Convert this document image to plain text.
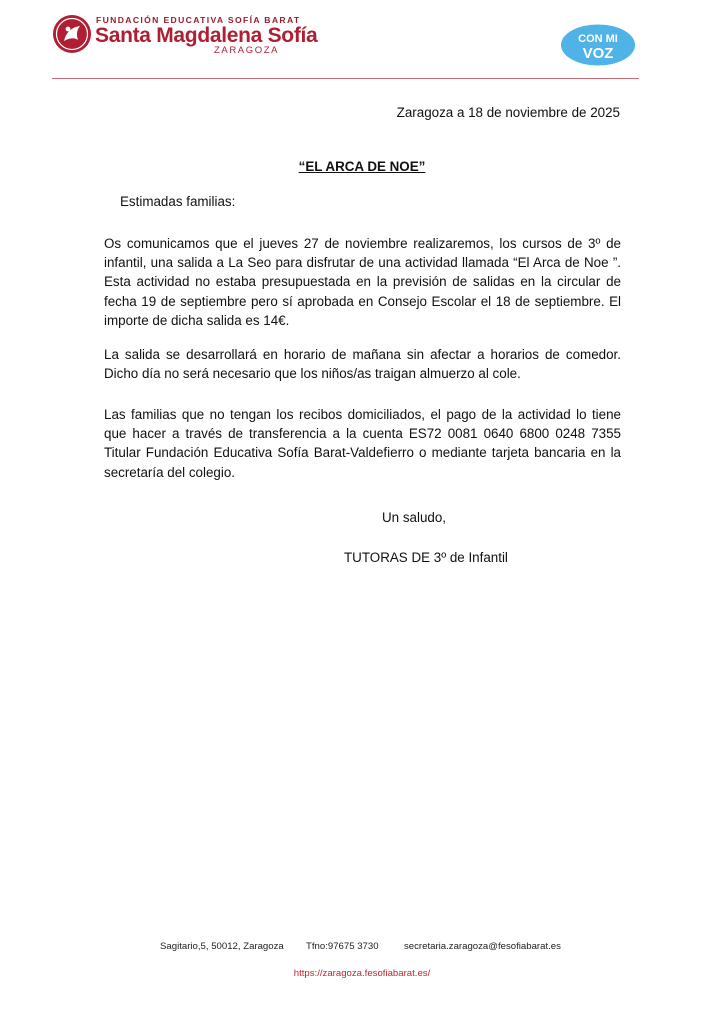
FUNDACIÓN EDUCATIVA SOFÍA BARAT
Santa Magdalena Sofía
ZARAGOZA
CON MI
VOZ
Zaragoza a 18 de noviembre de 2025
“EL ARCA DE NOE”
Estimadas familias:
Os comunicamos que el jueves 27 de noviembre realizaremos, los cursos de 3º de infantil, una salida a La Seo para disfrutar de una actividad llamada “El Arca de Noe ”. Esta actividad no estaba presupuestada en la previsión de salidas en la circular de fecha 19 de septiembre pero sí aprobada en Consejo Escolar el 18 de septiembre. El importe de dicha salida es 14€.
La salida se desarrollará en horario de mañana sin afectar a horarios de comedor. Dicho día no será necesario que los niños/as traigan almuerzo al cole.
Las familias que no tengan los recibos domiciliados, el pago de la actividad lo tiene que hacer a través de transferencia a la cuenta ES72 0081 0640 6800 0248 7355 Titular Fundación Educativa Sofía Barat-Valdefierro o mediante tarjeta bancaria en la secretaría del colegio.
Un saludo,
TUTORAS DE 3º de Infantil
Sagitario,5, 50012, Zaragoza Tfno:97675 3730	secretaria.zaragoza@fesofiabarat.es
https://zaragoza.fesofiabarat.es/
